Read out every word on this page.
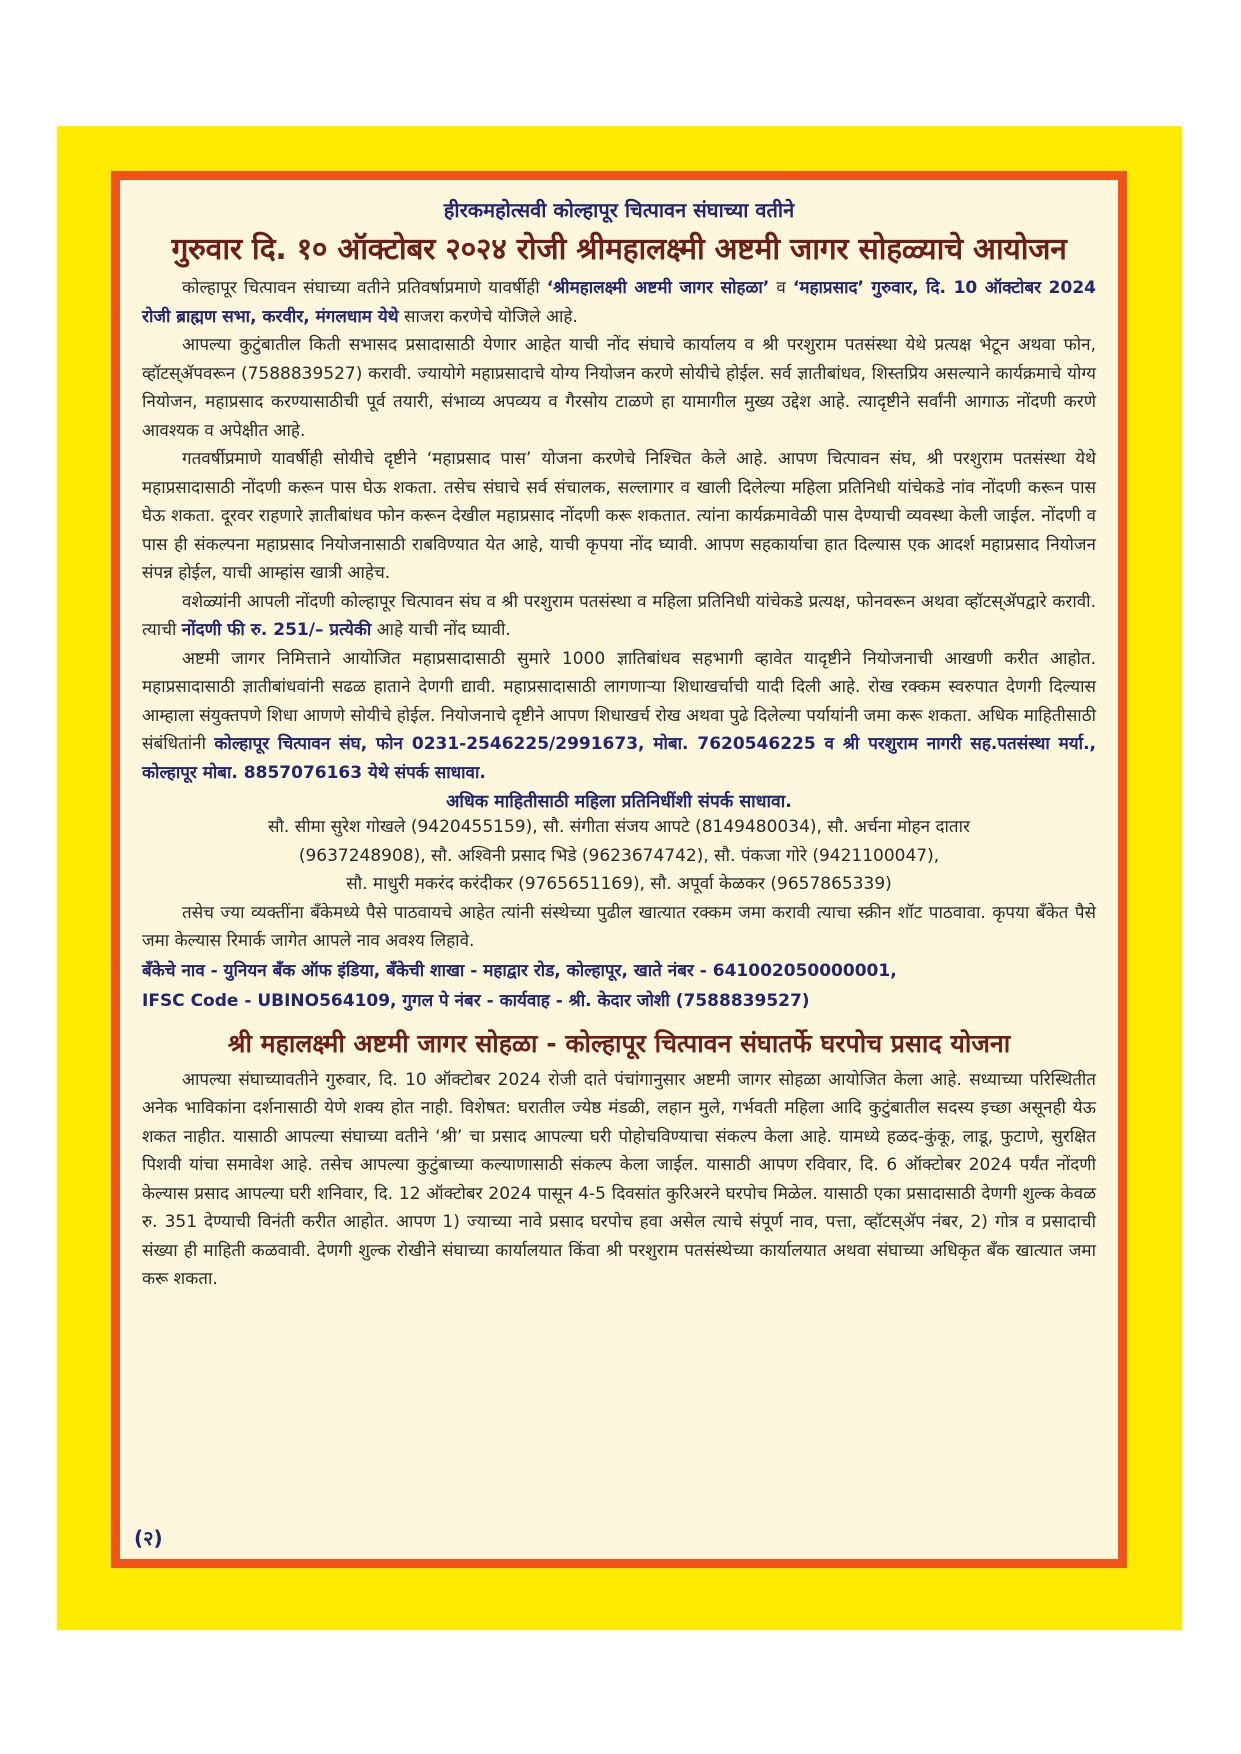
हीरकमहोत्सवी कोल्हापूर चित्पावन संघाच्या वतीने
गुरुवार दि. १० ऑक्टोबर २०२४ रोजी श्रीमहालक्ष्मी अष्टमी जागर सोहळ्याचे आयोजन

कोल्हापूर चित्पावन संघाच्या वतीने प्रतिवर्षाप्रमाणे यावर्षीही ‘श्रीमहालक्ष्मी अष्टमी जागर सोहळा’ व ‘महाप्रसाद’ गुरुवार, दि. 10 ऑक्टोबर 2024 रोजी ब्राह्मण सभा, करवीर, मंगलधाम येथे साजरा करणेचे योजिले आहे.

आपल्या कुटुंबातील किती सभासद प्रसादासाठी येणार आहेत याची नोंद संघाचे कार्यालय व श्री परशुराम पतसंस्था येथे प्रत्यक्ष भेटून अथवा फोन, व्हॉटस्‌ॲपवरून (7588839527) करावी. ज्यायोगे महाप्रसादाचे योग्य नियोजन करणे सोयीचे होईल. सर्व ज्ञातीबांधव, शिस्तप्रिय असल्याने कार्यक्रमाचे योग्य नियोजन, महाप्रसाद करण्यासाठीची पूर्व तयारी, संभाव्य अपव्यय व गैरसोय टाळणे हा यामागील मुख्य उद्देश आहे. त्यादृष्टीने सर्वांनी आगाऊ नोंदणी करणे आवश्यक व अपेक्षीत आहे.

गतवर्षीप्रमाणे यावर्षीही सोयीचे दृष्टीने ‘महाप्रसाद पास’ योजना करणेचे निश्चित केले आहे. आपण चित्पावन संघ, श्री परशुराम पतसंस्था येथे महाप्रसादासाठी नोंदणी करून पास घेऊ शकता. तसेच संघाचे सर्व संचालक, सल्लागार व खाली दिलेल्या महिला प्रतिनिधी यांचेकडे नांव नोंदणी करून पास घेऊ शकता. दूरवर राहणारे ज्ञातीबांधव फोन करून देखील महाप्रसाद नोंदणी करू शकतात. त्यांना कार्यक्रमावेळी पास देण्याची व्यवस्था केली जाईल. नोंदणी व पास ही संकल्पना महाप्रसाद नियोजनासाठी राबविण्यात येत आहे, याची कृपया नोंद घ्यावी. आपण सहकार्याचा हात दिल्यास एक आदर्श महाप्रसाद नियोजन संपन्न होईल, याची आम्हांस खात्री आहेच.

वशेळ्यांनी आपली नोंदणी कोल्हापूर चित्पावन संघ व श्री परशुराम पतसंस्था व महिला प्रतिनिधी यांचेकडे प्रत्यक्ष, फोनवरून अथवा व्हॉटस्‌ॲपद्वारे करावी. त्याची नोंदणी फी रु. 251/– प्रत्येकी आहे याची नोंद घ्यावी.

अष्टमी जागर निमित्ताने आयोजित महाप्रसादासाठी सुमारे 1000 ज्ञातिबांधव सहभागी व्हावेत यादृष्टीने नियोजनाची आखणी करीत आहोत. महाप्रसादासाठी ज्ञातीबांधवांनी सढळ हाताने देणगी द्यावी. महाप्रसादासाठी लागणाऱ्या शिधाखर्चाची यादी दिली आहे. रोख रक्कम स्वरुपात देणगी दिल्यास आम्हाला संयुक्तपणे शिधा आणणे सोयीचे होईल. नियोजनाचे दृष्टीने आपण शिधाखर्च रोख अथवा पुढे दिलेल्या पर्यायांनी जमा करू शकता. अधिक माहितीसाठी संबंधितांनी कोल्हापूर चित्पावन संघ, फोन 0231-2546225/2991673, मोबा. 7620546225 व श्री परशुराम नागरी सह.पतसंस्था मर्या., कोल्हापूर मोबा. 8857076163 येथे संपर्क साधावा.

अधिक माहितीसाठी महिला प्रतिनिधींशी संपर्क साधावा.
सौ. सीमा सुरेश गोखले (9420455159), सौ. संगीता संजय आपटे (8149480034), सौ. अर्चना मोहन दातार
(9637248908), सौ. अश्विनी प्रसाद भिडे (9623674742), सौ. पंकजा गोरे (9421100047),
सौ. माधुरी मकरंद करंदीकर (9765651169), सौ. अपूर्वा केळकर (9657865339)

तसेच ज्या व्यक्तींना बँकेमध्ये पैसे पाठवायचे आहेत त्यांनी संस्थेच्या पुढील खात्यात रक्कम जमा करावी त्याचा स्क्रीन शॉट पाठवावा. कृपया बँकेत पैसे जमा केल्यास रिमार्क जागेत आपले नाव अवश्य लिहावे.

बँकेचे नाव - युनियन बँक ऑफ इंडिया, बँकेची शाखा - महाद्वार रोड, कोल्हापूर, खाते नंबर - 641002050000001,
IFSC Code - UBINO564109, गुगल पे नंबर - कार्यवाह - श्री. केदार जोशी (7588839527)
श्री महालक्ष्मी अष्टमी जागर सोहळा - कोल्हापूर चित्पावन संघातर्फे घरपोच प्रसाद योजना

आपल्या संघाच्यावतीने गुरुवार, दि. 10 ऑक्टोबर 2024 रोजी दाते पंचांगानुसार अष्टमी जागर सोहळा आयोजित केला आहे. सध्याच्या परिस्थितीत अनेक भाविकांना दर्शनासाठी येणे शक्य होत नाही. विशेषत: घरातील ज्येष्ठ मंडळी, लहान मुले, गर्भवती महिला आदि कुटुंबातील सदस्य इच्छा असूनही येऊ शकत नाहीत. यासाठी आपल्या संघाच्या वतीने ‘श्री’ चा प्रसाद आपल्या घरी पोहोचविण्याचा संकल्प केला आहे. यामध्ये हळद-कुंकू, लाडू, फुटाणे, सुरक्षित पिशवी यांचा समावेश आहे. तसेच आपल्या कुटुंबाच्या कल्याणासाठी संकल्प केला जाईल. यासाठी आपण रविवार, दि. 6 ऑक्टोबर 2024 पर्यंत नोंदणी केल्यास प्रसाद आपल्या घरी शनिवार, दि. 12 ऑक्टोबर 2024 पासून 4-5 दिवसांत कुरिअरने घरपोच मिळेल. यासाठी एका प्रसादासाठी देणगी शुल्क केवळ रु. 351 देण्याची विनंती करीत आहोत. आपण 1) ज्याच्या नावे प्रसाद घरपोच हवा असेल त्याचे संपूर्ण नाव, पत्ता, व्हॉटस्‌ॲप नंबर, 2) गोत्र व प्रसादाची संख्या ही माहिती कळवावी. देणगी शुल्क रोखीने संघाच्या कार्यालयात किंवा श्री परशुराम पतसंस्थेच्या कार्यालयात अथवा संघाच्या अधिकृत बँक खात्यात जमा करू शकता.

(२)
